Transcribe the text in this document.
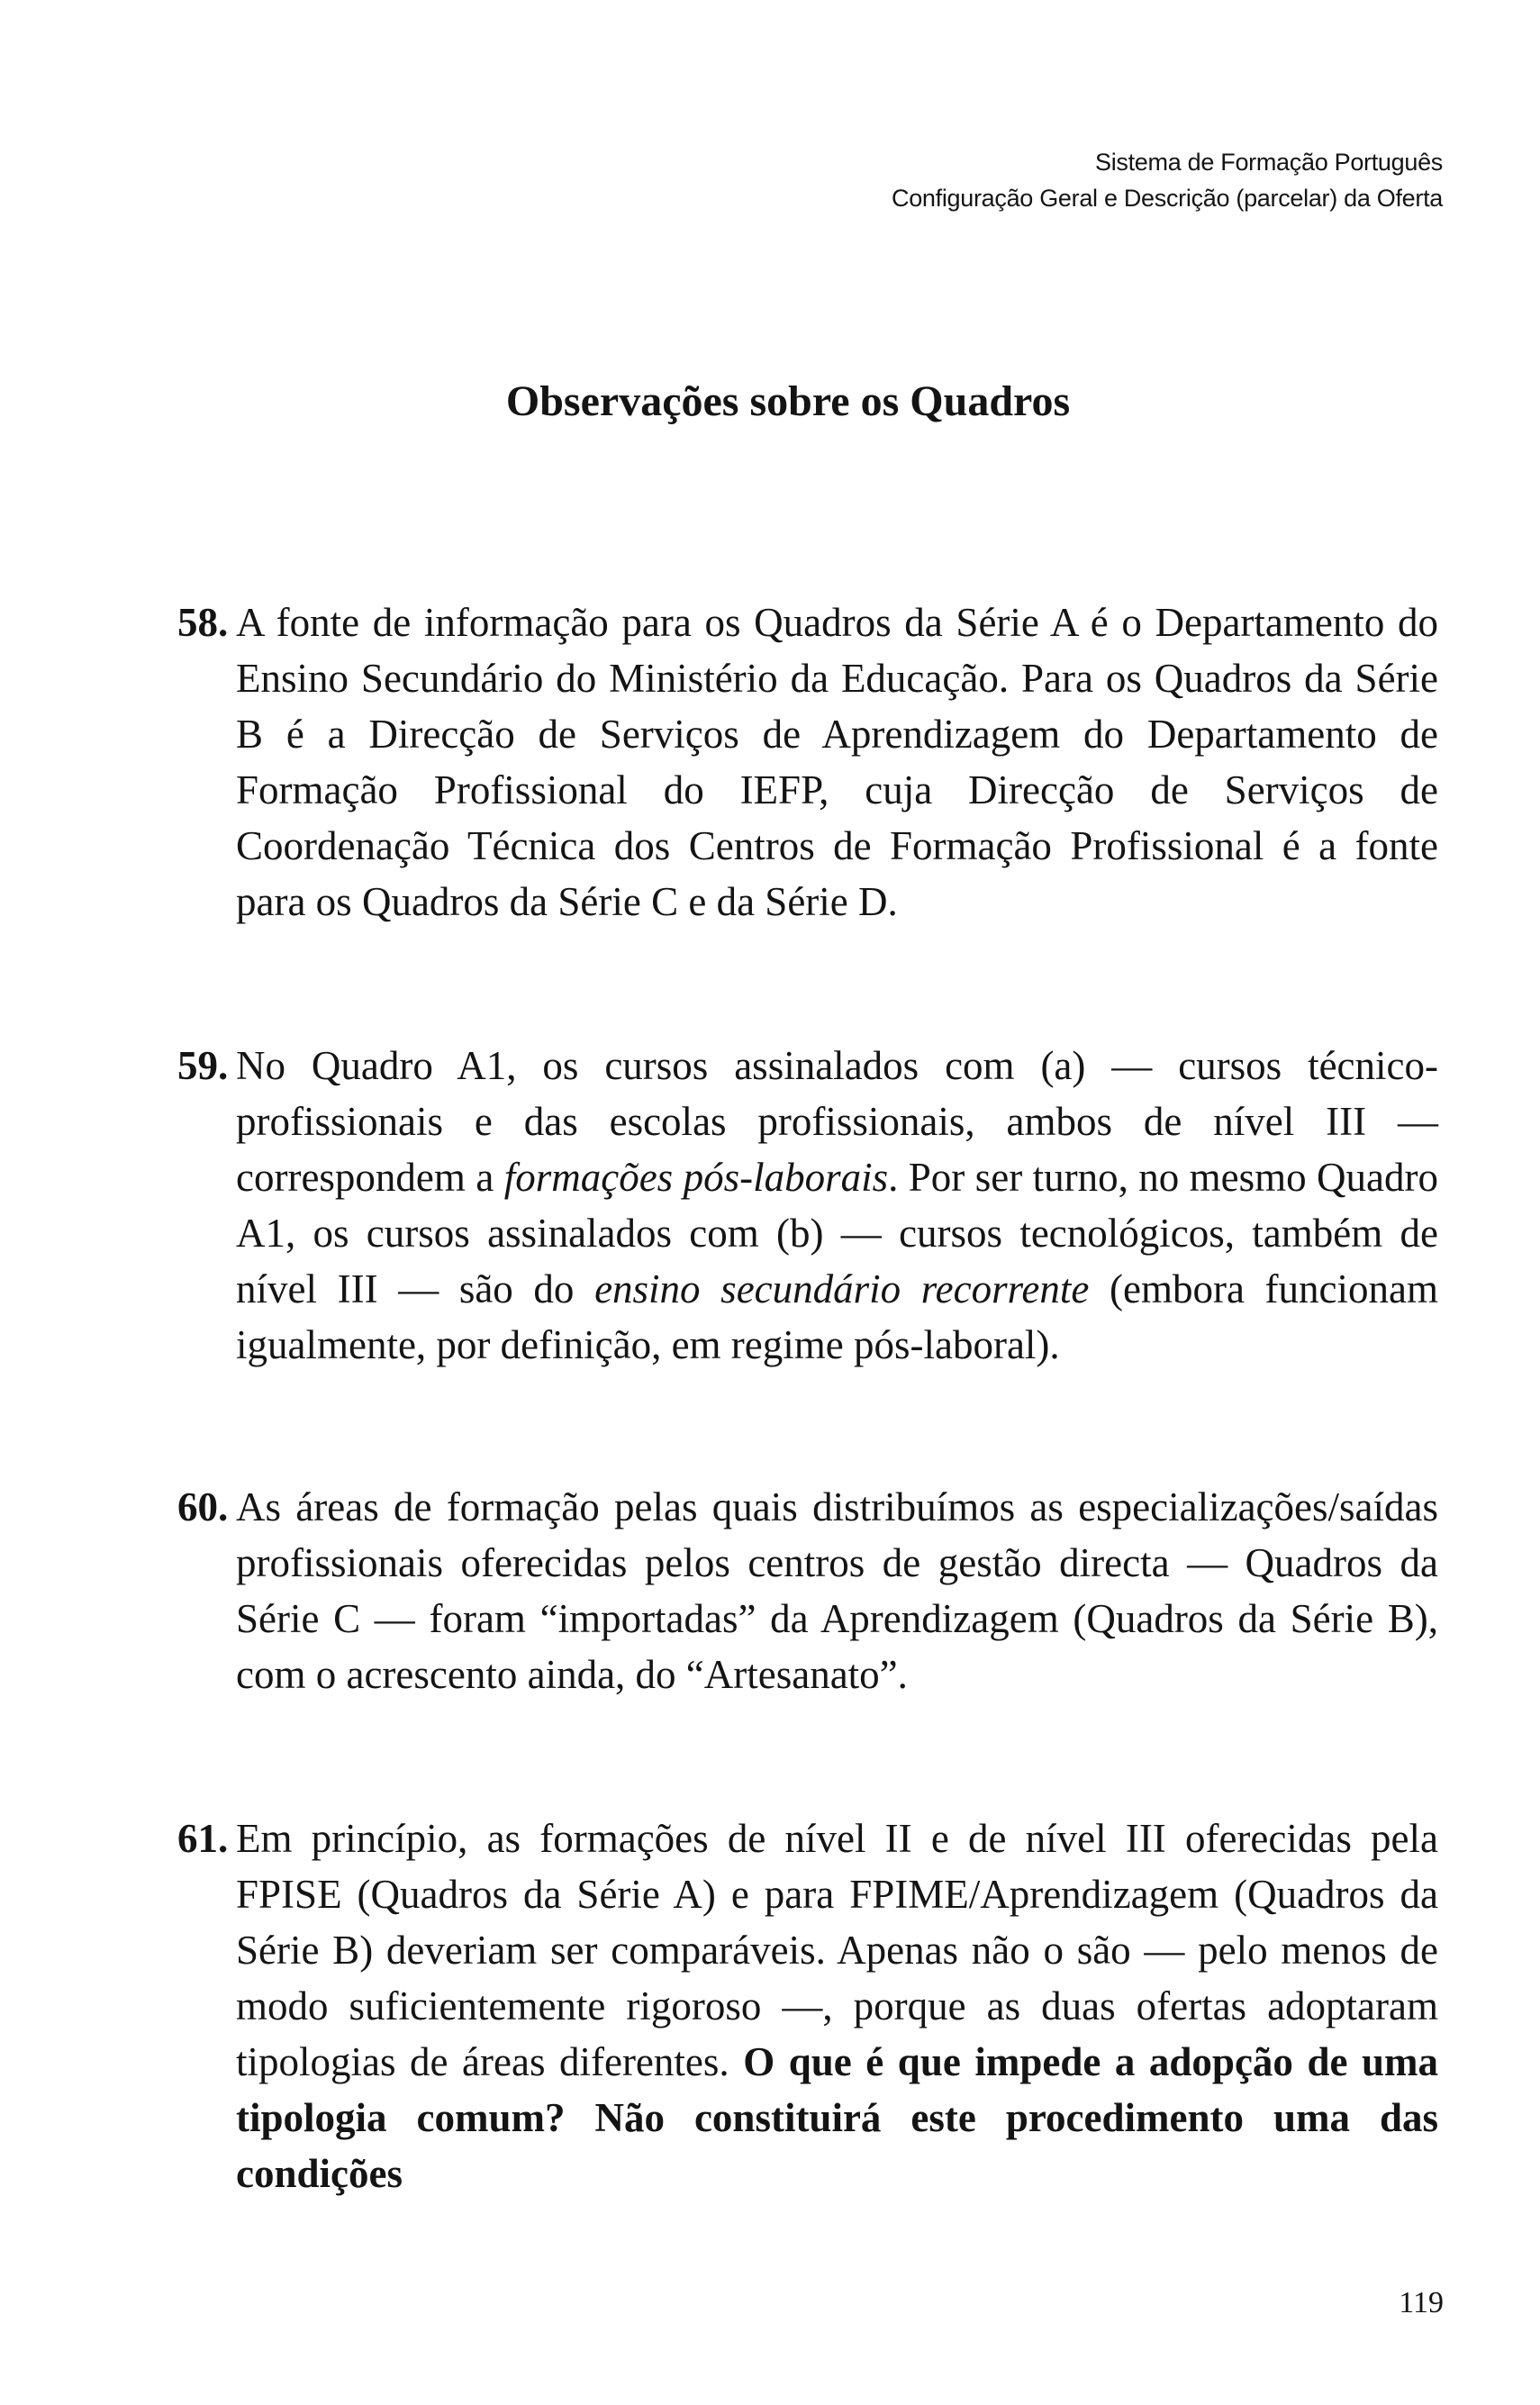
Sistema de Formação Português
Configuração Geral e Descrição (parcelar) da Oferta
Observações sobre os Quadros
58. A fonte de informação para os Quadros da Série A é o Departamento do Ensino Secundário do Ministério da Educação. Para os Quadros da Série B é a Direcção de Serviços de Aprendizagem do Departamento de Formação Profissional do IEFP, cuja Direcção de Serviços de Coordenação Técnica dos Centros de Formação Profissional é a fonte para os Quadros da Série C e da Série D.

59. No Quadro A1, os cursos assinalados com (a) — cursos técnico-profissionais e das escolas profissionais, ambos de nível III — correspondem a formações pós-laborais. Por ser turno, no mesmo Quadro A1, os cursos assinalados com (b) — cursos tecnológicos, também de nível III — são do ensino secundário recorrente (embora funcionam igualmente, por definição, em regime pós-laboral).

60. As áreas de formação pelas quais distribuímos as especializações/saídas profissionais oferecidas pelos centros de gestão directa — Quadros da Série C — foram “importadas” da Aprendizagem (Quadros da Série B), com o acrescento ainda, do “Artesanato”.

61. Em princípio, as formações de nível II e de nível III oferecidas pela FPISE (Quadros da Série A) e para FPIME/Aprendizagem (Quadros da Série B) deveriam ser comparáveis. Apenas não o são — pelo menos de modo suficientemente rigoroso —, porque as duas ofertas adoptaram tipologias de áreas diferentes. O que é que impede a adopção de uma tipologia comum? Não constituirá este procedimento uma das condições

119
